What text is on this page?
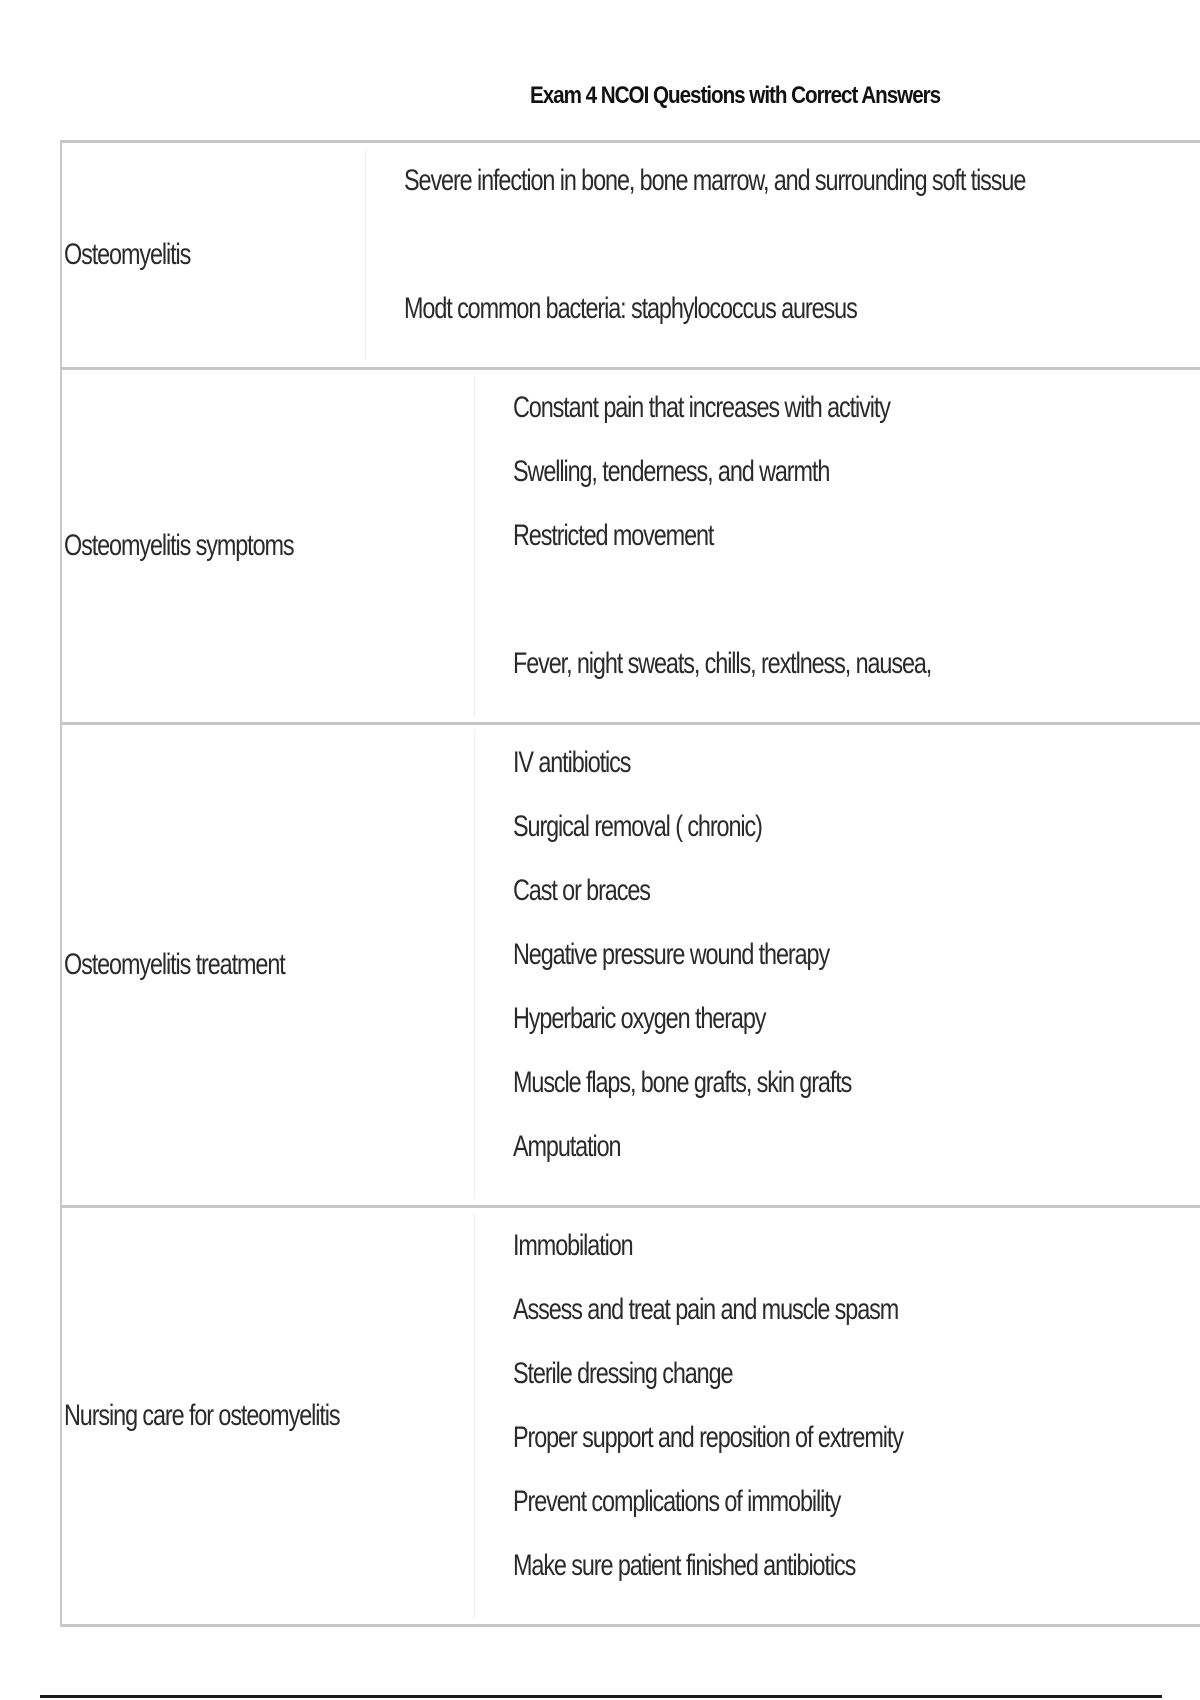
Exam 4 NCOI Questions with Correct Answers
Osteomyelitis
Severe infection in bone, bone marrow, and surrounding soft tissue
Modt common bacteria: staphylococcus auresus
Osteomyelitis symptoms
Constant pain that increases with activity
Swelling, tenderness, and warmth
Restricted movement
Fever, night sweats, chills, rextlness, nausea,
Osteomyelitis treatment
IV antibiotics
Surgical removal ( chronic)
Cast or braces
Negative pressure wound therapy
Hyperbaric oxygen therapy
Muscle flaps, bone grafts, skin grafts
Amputation
Nursing care for osteomyelitis
Immobilation
Assess and treat pain and muscle spasm
Sterile dressing change
Proper support and reposition of extremity
Prevent complications of immobility
Make sure patient finished antibiotics
